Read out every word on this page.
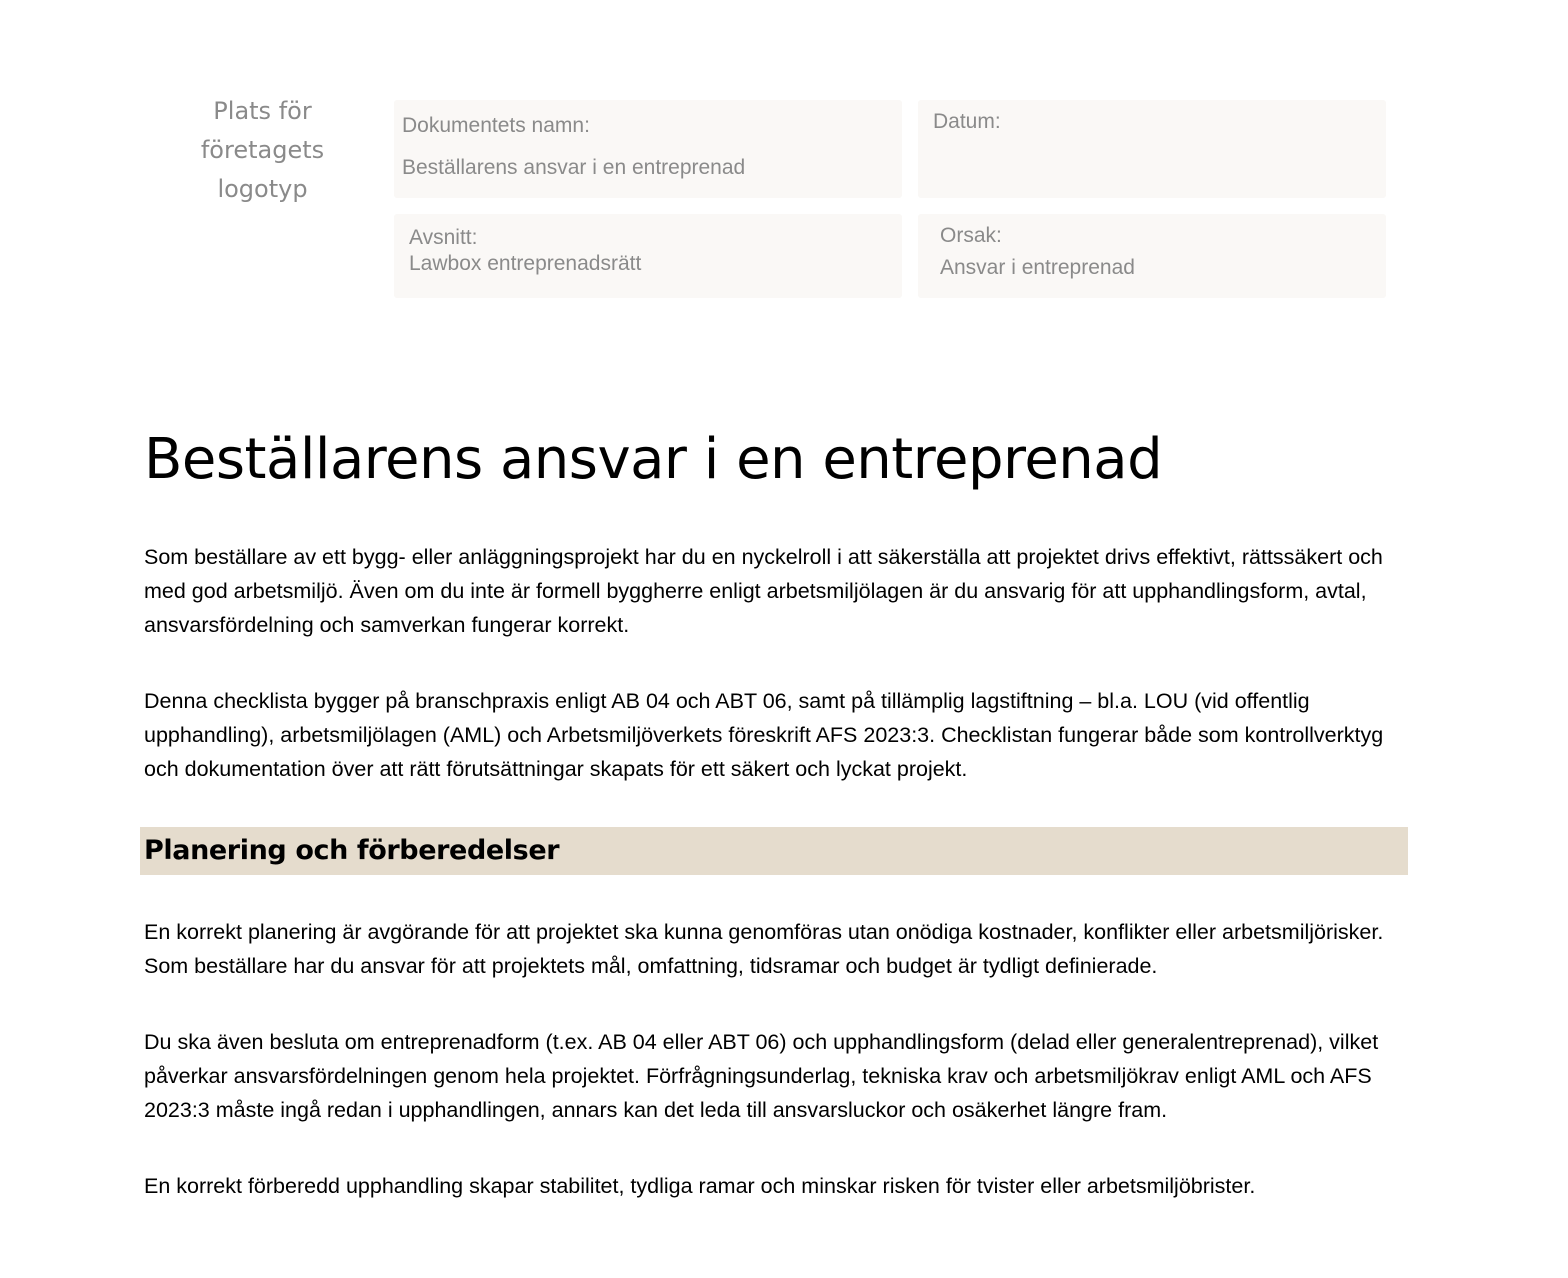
Plats för
företagets
logotyp
Dokumentets namn:
Beställarens ansvar i en entreprenad
Datum:
Avsnitt:
Lawbox entreprenadsrätt
Orsak:
Ansvar i entreprenad
Beställarens ansvar i en entreprenad

Som beställare av ett bygg- eller anläggningsprojekt har du en nyckelroll i att säkerställa att projektet drivs effektivt, rättssäkert och med god arbetsmiljö. Även om du inte är formell byggherre enligt arbetsmiljölagen är du ansvarig för att upphandlingsform, avtal, ansvarsfördelning och samverkan fungerar korrekt.

Denna checklista bygger på branschpraxis enligt AB 04 och ABT 06, samt på tillämplig lagstiftning – bl.a. LOU (vid offentlig upphandling), arbetsmiljölagen (AML) och Arbetsmiljöverkets föreskrift AFS 2023:3. Checklistan fungerar både som kontrollverktyg och dokumentation över att rätt förutsättningar skapats för ett säkert och lyckat projekt.

Planering och förberedelser

En korrekt planering är avgörande för att projektet ska kunna genomföras utan onödiga kostnader, konflikter eller arbetsmiljörisker. Som beställare har du ansvar för att projektets mål, omfattning, tidsramar och budget är tydligt definierade.

Du ska även besluta om entreprenadform (t.ex. AB 04 eller ABT 06) och upphandlingsform (delad eller generalentreprenad), vilket påverkar ansvarsfördelningen genom hela projektet. Förfrågningsunderlag, tekniska krav och arbetsmiljökrav enligt AML och AFS 2023:3 måste ingå redan i upphandlingen, annars kan det leda till ansvarsluckor och osäkerhet längre fram.

En korrekt förberedd upphandling skapar stabilitet, tydliga ramar och minskar risken för tvister eller arbetsmiljöbrister.
